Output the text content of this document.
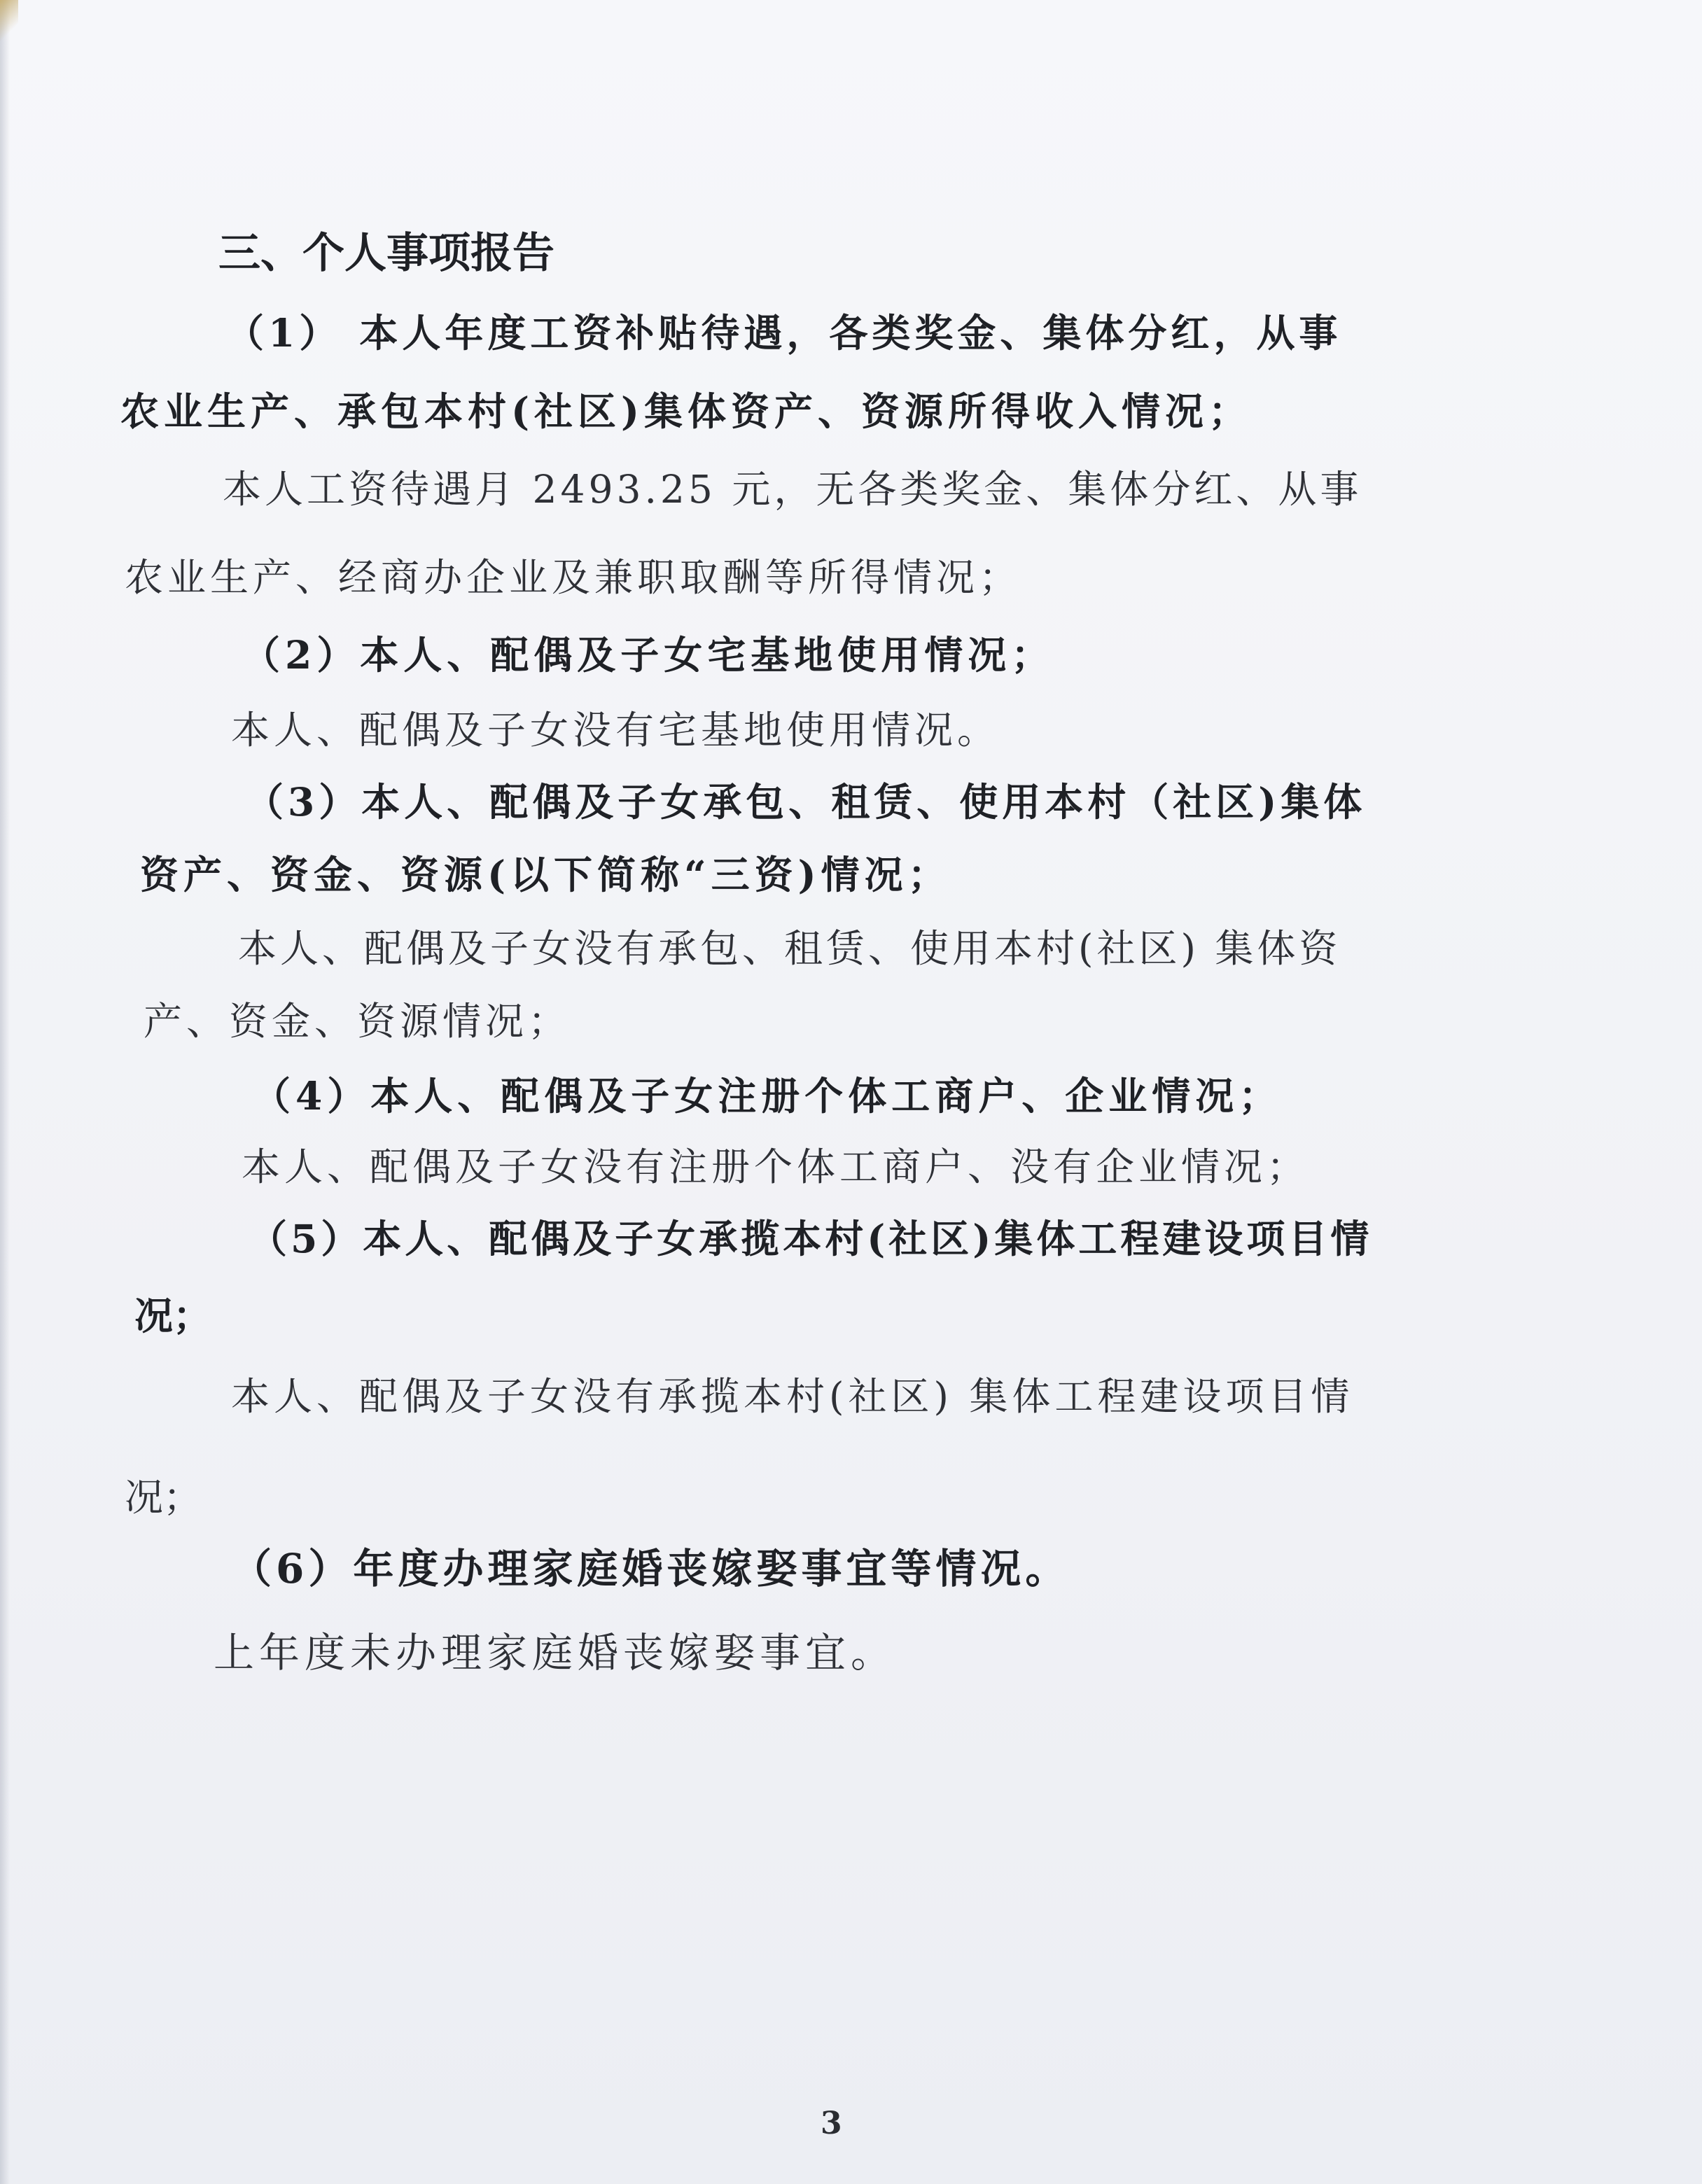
三、个人事项报告
（1） 本人年度工资补贴待遇，各类奖金、集体分红，从事
农业生产、承包本村(社区)集体资产、资源所得收入情况；
本人工资待遇月 2493.25 元，无各类奖金、集体分红、从事
农业生产、经商办企业及兼职取酬等所得情况；
（2）本人、配偶及子女宅基地使用情况；
本人、配偶及子女没有宅基地使用情况。
（3）本人、配偶及子女承包、租赁、使用本村（社区)集体
资产、资金、资源(以下简称“三资)情况；
本人、配偶及子女没有承包、租赁、使用本村(社区) 集体资
产、资金、资源情况；
（4）本人、配偶及子女注册个体工商户、企业情况；
本人、配偶及子女没有注册个体工商户、没有企业情况；
（5）本人、配偶及子女承揽本村(社区)集体工程建设项目情
况；
本人、配偶及子女没有承揽本村(社区) 集体工程建设项目情
况；
（6）年度办理家庭婚丧嫁娶事宜等情况。
上年度未办理家庭婚丧嫁娶事宜。
3
